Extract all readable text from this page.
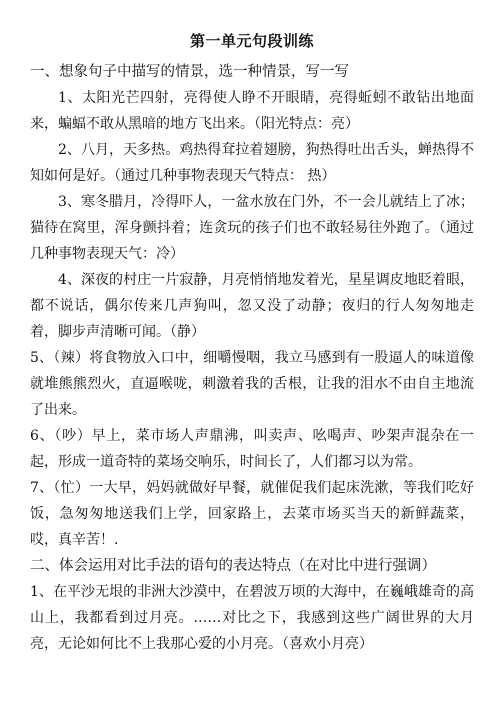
第一单元句段训练
一、想象句子中描写的情景，选一种情景，写一写

1、太阳光芒四射，亮得使人睁不开眼睛，亮得蚯蚓不敢钻出地面来，蝙蝠不敢从黑暗的地方飞出来。（阳光特点：亮）

2、八月，天多热。鸡热得耷拉着翅膀，狗热得吐出舌头，蝉热得不知如何是好。（通过几种事物表现天气特点： 热）

3、寒冬腊月，冷得吓人，一盆水放在门外，不一会儿就结上了冰；猫待在窝里，浑身颤抖着；连贪玩的孩子们也不敢轻易往外跑了。（通过几种事物表现天气：冷）

4、深夜的村庄一片寂静，月亮悄悄地发着光，星星调皮地眨着眼，都不说话，偶尔传来几声狗叫，忽又没了动静；夜归的行人匆匆地走着，脚步声清晰可闻。（静）

5、（辣）将食物放入口中，细嚼慢咽，我立马感到有一股逼人的味道像就堆熊熊烈火，直逼喉咙，刺激着我的舌根，让我的泪水不由自主地流了出来。

6、（吵）早上，菜市场人声鼎沸，叫卖声、吆喝声、吵架声混杂在一起，形成一道奇特的菜场交响乐，时间长了，人们都习以为常。

7、（忙）一大早，妈妈就做好早餐，就催促我们起床洗漱，等我们吃好饭，急匆匆地送我们上学，回家路上，去菜市场买当天的新鲜蔬菜，哎，真辛苦！.

二、体会运用对比手法的语句的表达特点（在对比中进行强调）

1、在平沙无垠的非洲大沙漠中，在碧波万顷的大海中，在巍峨雄奇的高山上，我都看到过月亮。……对比之下，我感到这些广阔世界的大月亮，无论如何比不上我那心爱的小月亮。（喜欢小月亮）
